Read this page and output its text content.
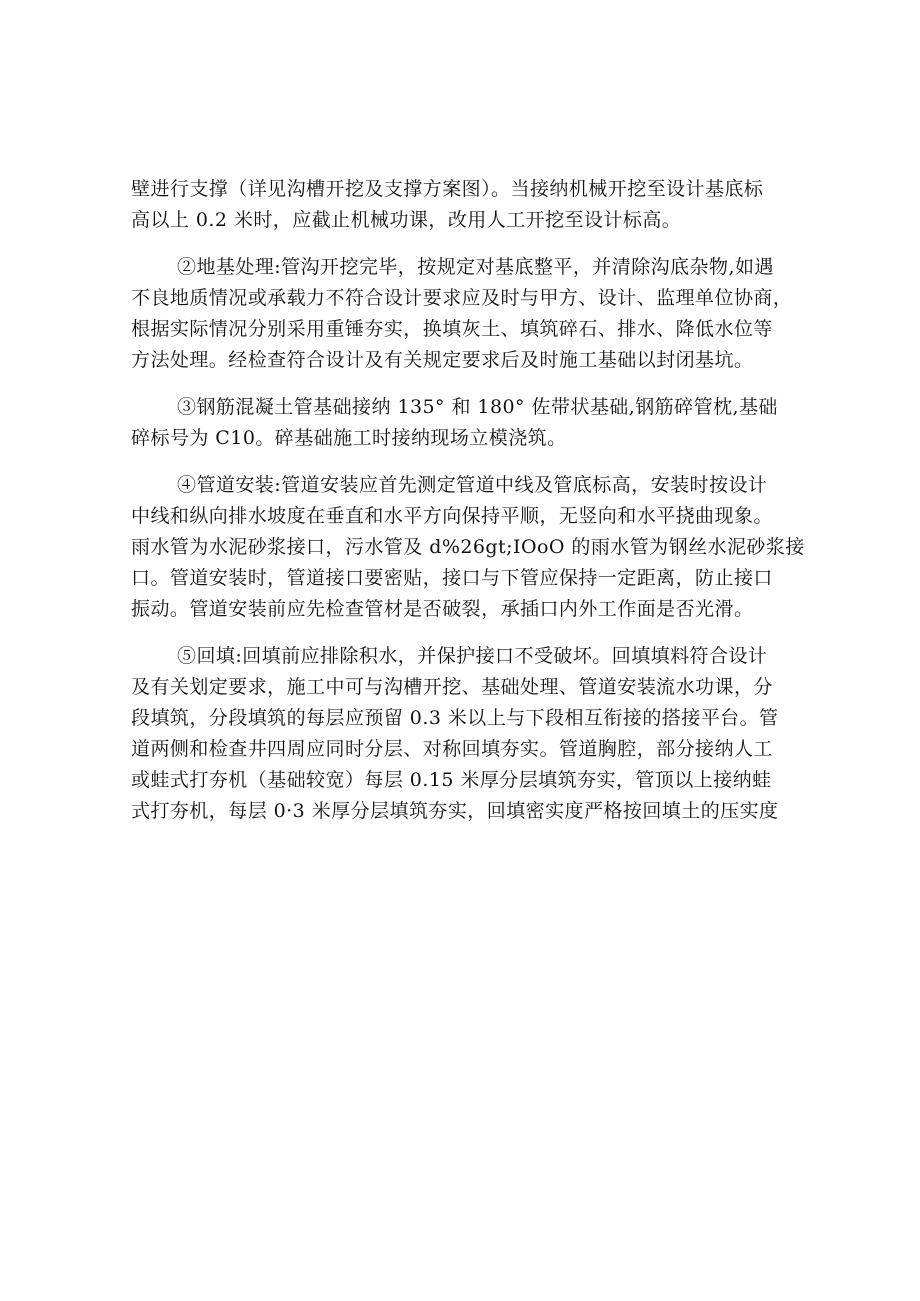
壁进行支撑（详见沟槽开挖及支撑方案图）。当接纳机械开挖至设计基底标
高以上 0.2 米时，应截止机械功课，改用人工开挖至设计标高。
②地基处理:管沟开挖完毕，按规定对基底整平，并清除沟底杂物,如遇
不良地质情况或承载力不符合设计要求应及时与甲方、设计、监理单位协商，
根据实际情况分别采用重锤夯实，换填灰土、填筑碎石、排水、降低水位等
方法处理。经检查符合设计及有关规定要求后及时施工基础以封闭基坑。
③钢筋混凝土管基础接纳 135° 和 180° 佐带状基础,钢筋碎管枕,基础
碎标号为 C10。碎基础施工时接纳现场立模浇筑。
④管道安装:管道安装应首先测定管道中线及管底标高，安装时按设计
中线和纵向排水坡度在垂直和水平方向保持平顺，无竖向和水平挠曲现象。
雨水管为水泥砂浆接口，污水管及 d%26gt;IOoO 的雨水管为钢丝水泥砂浆接
口。管道安装时，管道接口要密贴，接口与下管应保持一定距离，防止接口
振动。管道安装前应先检查管材是否破裂，承插口内外工作面是否光滑。
⑤回填:回填前应排除积水，并保护接口不受破坏。回填填料符合设计
及有关划定要求，施工中可与沟槽开挖、基础处理、管道安装流水功课，分
段填筑，分段填筑的每层应预留 0.3 米以上与下段相互衔接的搭接平台。管
道两侧和检查井四周应同时分层、对称回填夯实。管道胸腔，部分接纳人工
或蛙式打夯机（基础较宽）每层 0.15 米厚分层填筑夯实，管顶以上接纳蛙
式打夯机，每层 0·3 米厚分层填筑夯实，回填密实度严格按回填土的压实度
